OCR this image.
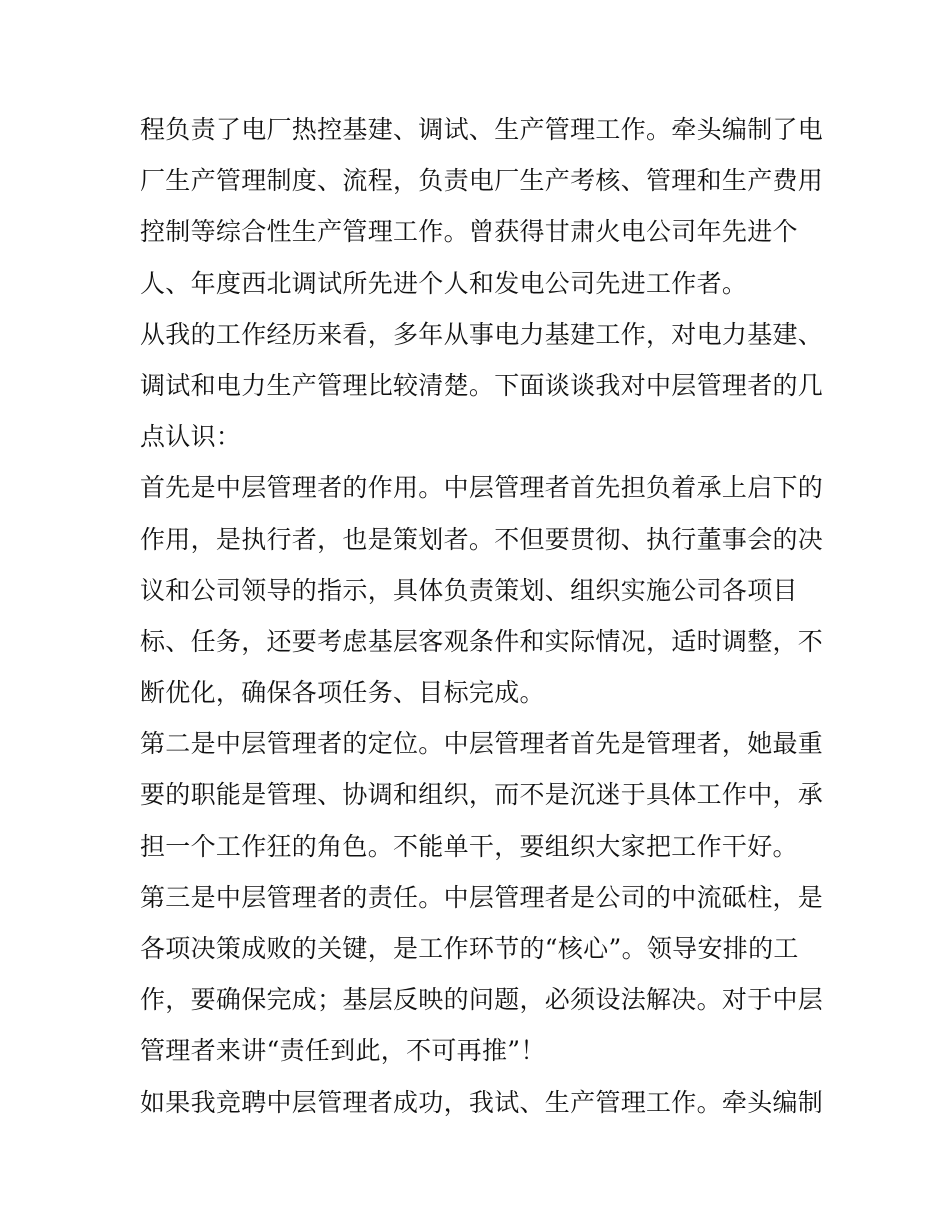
程负责了电厂热控基建、调试、生产管理工作。牵头编制了电
厂生产管理制度、流程，负责电厂生产考核、管理和生产费用
控制等综合性生产管理工作。曾获得甘肃火电公司年先进个
人、年度西北调试所先进个人和发电公司先进工作者。
从我的工作经历来看，多年从事电力基建工作，对电力基建、
调试和电力生产管理比较清楚。下面谈谈我对中层管理者的几
点认识：
首先是中层管理者的作用。中层管理者首先担负着承上启下的
作用，是执行者，也是策划者。不但要贯彻、执行董事会的决
议和公司领导的指示，具体负责策划、组织实施公司各项目
标、任务，还要考虑基层客观条件和实际情况，适时调整，不
断优化，确保各项任务、目标完成。
第二是中层管理者的定位。中层管理者首先是管理者，她最重
要的职能是管理、协调和组织，而不是沉迷于具体工作中，承
担一个工作狂的角色。不能单干，要组织大家把工作干好。
第三是中层管理者的责任。中层管理者是公司的中流砥柱，是
各项决策成败的关键，是工作环节的“核心”。领导安排的工
作，要确保完成；基层反映的问题，必须设法解决。对于中层
管理者来讲“责任到此，不可再推”！
如果我竞聘中层管理者成功，我试、生产管理工作。牵头编制
